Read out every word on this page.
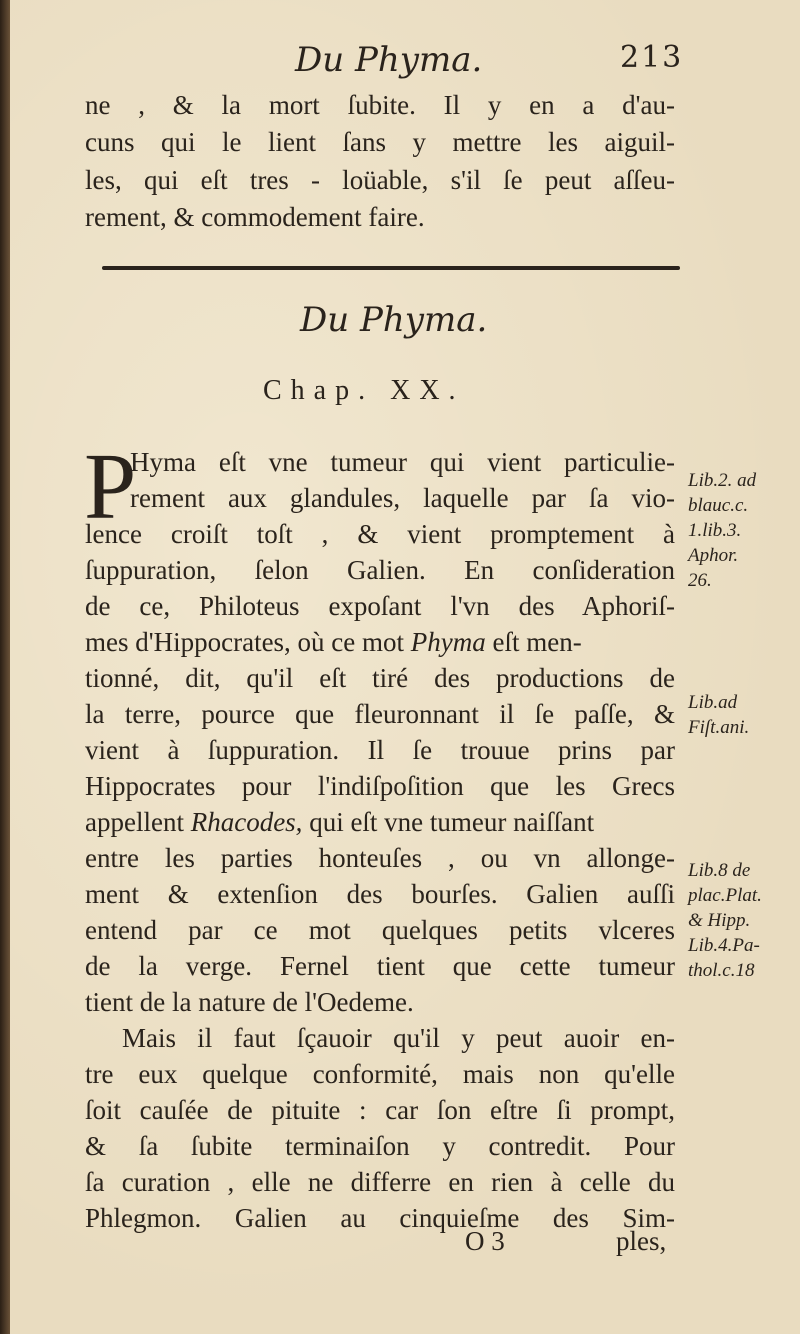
Du Phyma.	213
ne , & la mort ſubite. Il y en a d'au-
cuns qui le lient ſans y mettre les aiguil-
les, qui eſt tres - loüable, s'il ſe peut aſſeu-
rement, & commodement faire.
Du Phyma.
Chap. XX.
P
Hyma eſt vne tumeur qui vient particulie-
rement aux glandules, laquelle par ſa vio-
lence croiſt toſt , & vient promptement à
ſuppuration, ſelon Galien. En conſideration
de ce, Philoteus expoſant l'vn des Aphoriſ-
mes d'Hippocrates, où ce mot Phyma eſt men-
tionné, dit, qu'il eſt tiré des productions de
la terre, pource que fleuronnant il ſe paſſe, &
vient à ſuppuration. Il ſe trouue prins par
Hippocrates pour l'indiſpoſition que les Grecs
appellent Rhacodes, qui eſt vne tumeur naiſſant
entre les parties honteuſes , ou vn allonge-
ment & extenſion des bourſes. Galien auſſi
entend par ce mot quelques petits vlceres
de la verge. Fernel tient que cette tumeur
tient de la nature de l'Oedeme.
Mais il faut ſçauoir qu'il y peut auoir en-
tre eux quelque conformité, mais non qu'elle
ſoit cauſée de pituite : car ſon eſtre ſi prompt,
& ſa ſubite terminaiſon y contredit. Pour
ſa curation , elle ne differre en rien à celle du
Phlegmon. Galien au cinquieſme des Sim-
Lib.2. ad
blauc.c.
1.lib.3.
Aphor.
26.
Lib.ad
Fiſt.ani.
Lib.8 de
plac.Plat.
& Hipp.
Lib.4.Pa-
thol.c.18
O 3	ples,
